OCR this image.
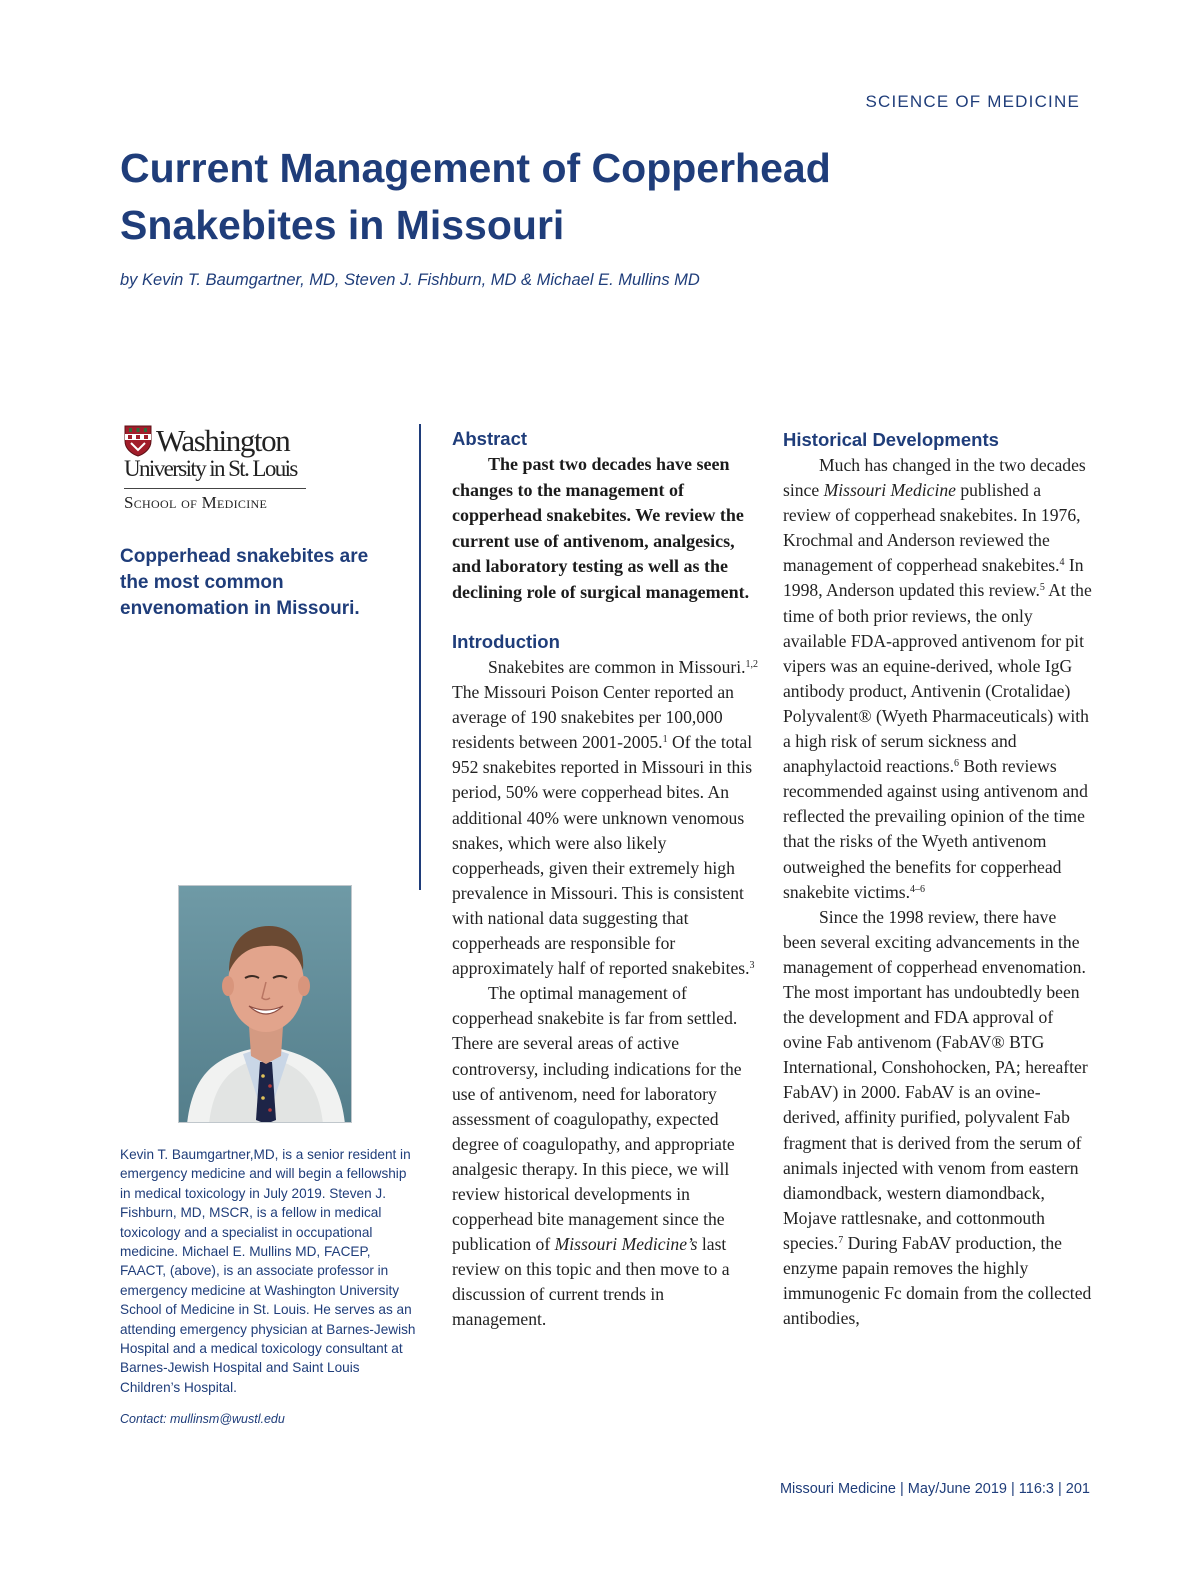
SCIENCE OF MEDICINE
Current Management of Copperhead Snakebites in Missouri
by Kevin T. Baumgartner, MD, Steven J. Fishburn, MD & Michael E. Mullins MD
Washington
University in St. Louis
School of Medicine

Copperhead snakebites are the most common envenomation in Missouri.

Kevin T. Baumgartner,MD, is a senior resident in emergency medicine and will begin a fellowship in medical toxicology in July 2019. Steven J. Fishburn, MD, MSCR, is a fellow in medical toxicology and a specialist in occupational medicine. Michael E. Mullins MD, FACEP, FAACT, (above), is an associate professor in emergency medicine at Washington University School of Medicine in St. Louis. He serves as an attending emergency physician at Barnes-Jewish Hospital and a medical toxicology consultant at Barnes-Jewish Hospital and Saint Louis Children’s Hospital.

Contact: mullinsm@wustl.edu
Abstract

The past two decades have seen changes to the management of copperhead snakebites. We review the current use of antivenom, analgesics, and laboratory testing as well as the declining role of surgical management.

Introduction

Snakebites are common in Missouri.$^{1,2}$ The Missouri Poison Center reported an average of 190 snakebites per 100,000 residents between 2001-2005.$^1$ Of the total 952 snakebites reported in Missouri in this period, 50% were copperhead bites. An additional 40% were unknown venomous snakes, which were also likely copperheads, given their extremely high prevalence in Missouri. This is consistent with national data suggesting that copperheads are responsible for approximately half of reported snakebites.$^3$

The optimal management of copperhead snakebite is far from settled. There are several areas of active controversy, including indications for the use of antivenom, need for laboratory assessment of coagulopathy, expected degree of coagulopathy, and appropriate analgesic therapy. In this piece, we will review historical developments in copperhead bite management since the publication of Missouri Medicine’s last review on this topic and then move to a discussion of current trends in management.

Historical Developments

Much has changed in the two decades since Missouri Medicine published a review of copperhead snakebites. In 1976, Krochmal and Anderson reviewed the management of copperhead snakebites.$^4$ In 1998, Anderson updated this review.$^5$ At the time of both prior reviews, the only available FDA-approved antivenom for pit vipers was an equine-derived, whole IgG antibody product, Antivenin (Crotalidae) Polyvalent® (Wyeth Pharmaceuticals) with a high risk of serum sickness and anaphylactoid reactions.$^6$ Both reviews recommended against using antivenom and reflected the prevailing opinion of the time that the risks of the Wyeth antivenom outweighed the benefits for copperhead snakebite victims.$^{4-6}$

Since the 1998 review, there have been several exciting advancements in the management of copperhead envenomation. The most important has undoubtedly been the development and FDA approval of ovine Fab antivenom (FabAV® BTG International, Conshohocken, PA; hereafter FabAV) in 2000. FabAV is an ovine-derived, affinity purified, polyvalent Fab fragment that is derived from the serum of animals injected with venom from eastern diamondback, western diamondback, Mojave rattlesnake, and cottonmouth species.$^7$ During FabAV production, the enzyme papain removes the highly immunogenic Fc domain from the collected antibodies,

Missouri Medicine | May/June 2019 | 116:3 | 201
